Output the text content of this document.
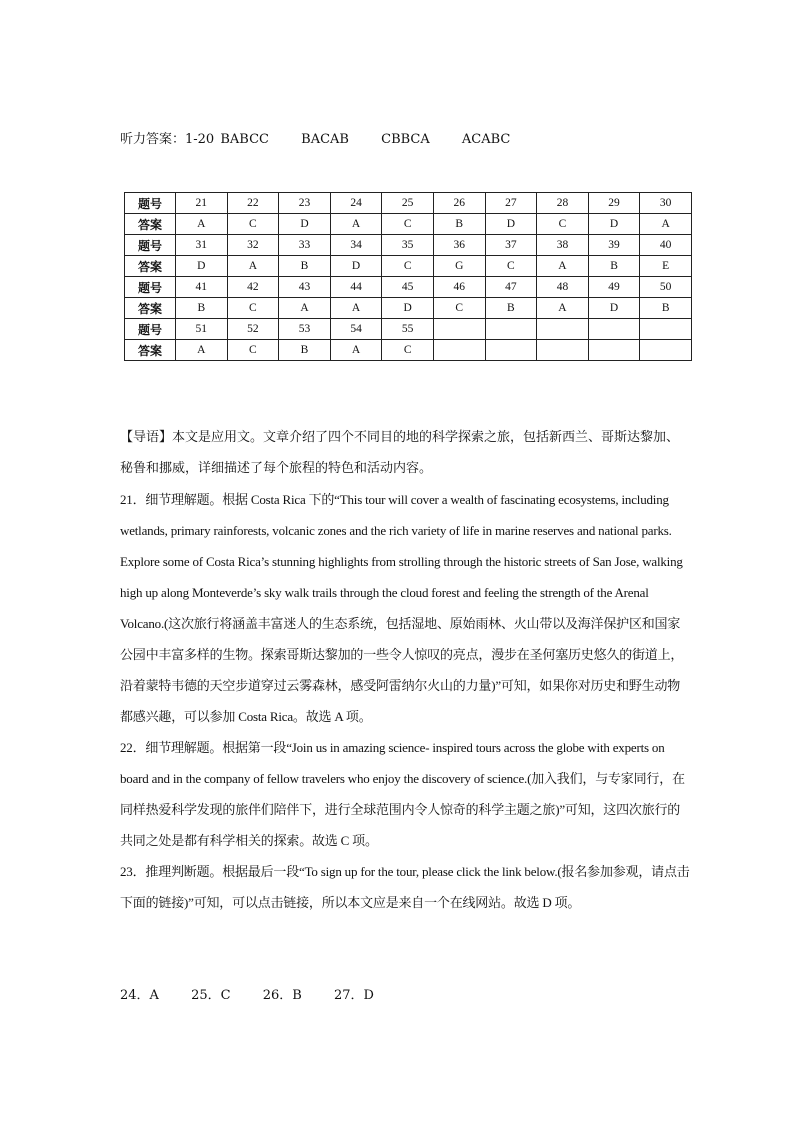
听力答案：1-20 BABCC BACAB CBBCA ACABC
题号	21	22	23	24	25	26	27	28	29	30
答案	A	C	D	A	C	B	D	C	D	A
题号	31	32	33	34	35	36	37	38	39	40
答案	D	A	B	D	C	G	C	A	B	E
题号	41	42	43	44	45	46	47	48	49	50
答案	B	C	A	A	D	C	B	A	D	B
题号	51	52	53	54	55					
答案	A	C	B	A	C					

【导语】本文是应用文。文章介绍了四个不同目的地的科学探索之旅，包括新西兰、哥斯达黎加、秘鲁和挪威，详细描述了每个旅程的特色和活动内容。

21．细节理解题。根据 Costa Rica 下的“This tour will cover a wealth of fascinating ecosystems, including wetlands, primary rainforests, volcanic zones and the rich variety of life in marine reserves and national parks. Explore some of Costa Rica’s stunning highlights from strolling through the historic streets of San Jose, walking high up along Monteverde’s sky walk trails through the cloud forest and feeling the strength of the Arenal Volcano.(这次旅行将涵盖丰富迷人的生态系统，包括湿地、原始雨林、火山带以及海洋保护区和国家公园中丰富多样的生物。探索哥斯达黎加的一些令人惊叹的亮点，漫步在圣何塞历史悠久的街道上，沿着蒙特韦德的天空步道穿过云雾森林，感受阿雷纳尔火山的力量)”可知，如果你对历史和野生动物都感兴趣，可以参加 Costa Rica。故选 A 项。

22．细节理解题。根据第一段“Join us in amazing science- inspired tours across the globe with experts on board and in the company of fellow travelers who enjoy the discovery of science.(加入我们，与专家同行，在同样热爱科学发现的旅伴们陪伴下，进行全球范围内令人惊奇的科学主题之旅)”可知，这四次旅行的共同之处是都有科学相关的探索。故选 C 项。

23．推理判断题。根据最后一段“To sign up for the tour, please click the link below.(报名参加参观，请点击下面的链接)”可知，可以点击链接，所以本文应是来自一个在线网站。故选 D 项。

24．A 25．C 26．B 27．D
